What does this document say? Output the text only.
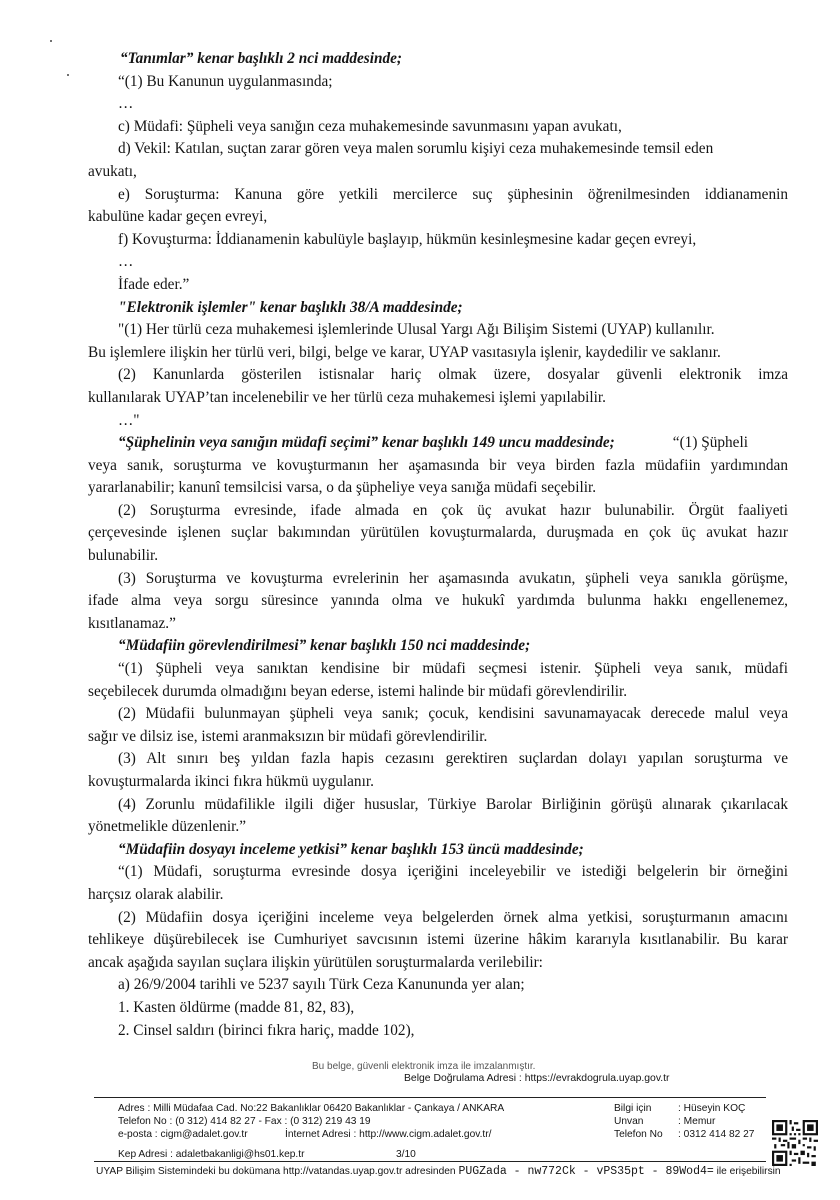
“Tanımlar” kenar başlıklı 2 nci maddesinde;

“(1) Bu Kanunun uygulanmasında;

…

c) Müdafi: Şüpheli veya sanığın ceza muhakemesinde savunmasını yapan avukatı,

d) Vekil: Katılan, suçtan zarar gören veya malen sorumlu kişiyi ceza muhakemesinde temsil eden

avukatı,

e) Soruşturma: Kanuna göre yetkili mercilerce suç şüphesinin öğrenilmesinden iddianamenin

kabulüne kadar geçen evreyi,

f) Kovuşturma: İddianamenin kabulüyle başlayıp, hükmün kesinleşmesine kadar geçen evreyi,

…

İfade eder.”

"Elektronik işlemler" kenar başlıklı 38/A maddesinde;

"(1) Her türlü ceza muhakemesi işlemlerinde Ulusal Yargı Ağı Bilişim Sistemi (UYAP) kullanılır.

Bu işlemlere ilişkin her türlü veri, bilgi, belge ve karar, UYAP vasıtasıyla işlenir, kaydedilir ve saklanır.

(2) Kanunlarda gösterilen istisnalar hariç olmak üzere, dosyalar güvenli elektronik imza

kullanılarak UYAP’tan incelenebilir ve her türlü ceza muhakemesi işlemi yapılabilir.

…"

“Şüphelinin veya sanığın müdafi seçimi” kenar başlıklı 149 uncu maddesinde;	“(1) Şüpheli

veya sanık, soruşturma ve kovuşturmanın her aşamasında bir veya birden fazla müdafiin yardımından

yararlanabilir; kanunî temsilcisi varsa, o da şüpheliye veya sanığa müdafi seçebilir.

(2) Soruşturma evresinde, ifade almada en çok üç avukat hazır bulunabilir. Örgüt faaliyeti

çerçevesinde işlenen suçlar bakımından yürütülen kovuşturmalarda, duruşmada en çok üç avukat hazır

bulunabilir.

(3) Soruşturma ve kovuşturma evrelerinin her aşamasında avukatın, şüpheli veya sanıkla görüşme,

ifade alma veya sorgu süresince yanında olma ve hukukî yardımda bulunma hakkı engellenemez,

kısıtlanamaz.”

“Müdafiin görevlendirilmesi” kenar başlıklı 150 nci maddesinde;

“(1) Şüpheli veya sanıktan kendisine bir müdafi seçmesi istenir. Şüpheli veya sanık, müdafi

seçebilecek durumda olmadığını beyan ederse, istemi halinde bir müdafi görevlendirilir.

(2) Müdafii bulunmayan şüpheli veya sanık; çocuk, kendisini savunamayacak derecede malul veya

sağır ve dilsiz ise, istemi aranmaksızın bir müdafi görevlendirilir.

(3) Alt sınırı beş yıldan fazla hapis cezasını gerektiren suçlardan dolayı yapılan soruşturma ve

kovuşturmalarda ikinci fıkra hükmü uygulanır.

(4) Zorunlu müdafilikle ilgili diğer hususlar, Türkiye Barolar Birliğinin görüşü alınarak çıkarılacak

yönetmelikle düzenlenir.”

“Müdafiin dosyayı inceleme yetkisi” kenar başlıklı 153 üncü maddesinde;

“(1) Müdafi, soruşturma evresinde dosya içeriğini inceleyebilir ve istediği belgelerin bir örneğini

harçsız olarak alabilir.

(2) Müdafiin dosya içeriğini inceleme veya belgelerden örnek alma yetkisi, soruşturmanın amacını

tehlikeye düşürebilecek ise Cumhuriyet savcısının istemi üzerine hâkim kararıyla kısıtlanabilir. Bu karar

ancak aşağıda sayılan suçlara ilişkin yürütülen soruşturmalarda verilebilir:

a) 26/9/2004 tarihli ve 5237 sayılı Türk Ceza Kanununda yer alan;

1. Kasten öldürme (madde 81, 82, 83),

2. Cinsel saldırı (birinci fıkra hariç, madde 102),

Bu belge, güvenli elektronik imza ile imzalanmıştır.
Belge Doğrulama Adresi : https://evrakdogrula.uyap.gov.tr
Adres : Milli Müdafaa Cad. No:22 Bakanlıklar 06420 Bakanlıklar - Çankaya / ANKARA
Telefon No : (0 312) 414 82 27 - Fax : (0 312) 219 43 19
e-posta : cigm@adalet.gov.tr	İnternet Adresi : http://www.cigm.adalet.gov.tr/
Bilgi için	: Hüseyin KOÇ
Unvan	: Memur
Telefon No : 0312 414 82 27
Kep Adresi : adaletbakanligi@hs01.kep.tr	3/10
UYAP Bilişim Sistemindeki bu dokümana http://vatandas.uyap.gov.tr adresinden PUGZada - nw772Ck - vPS35pt - 89Wod4= ile erişebilirsin
